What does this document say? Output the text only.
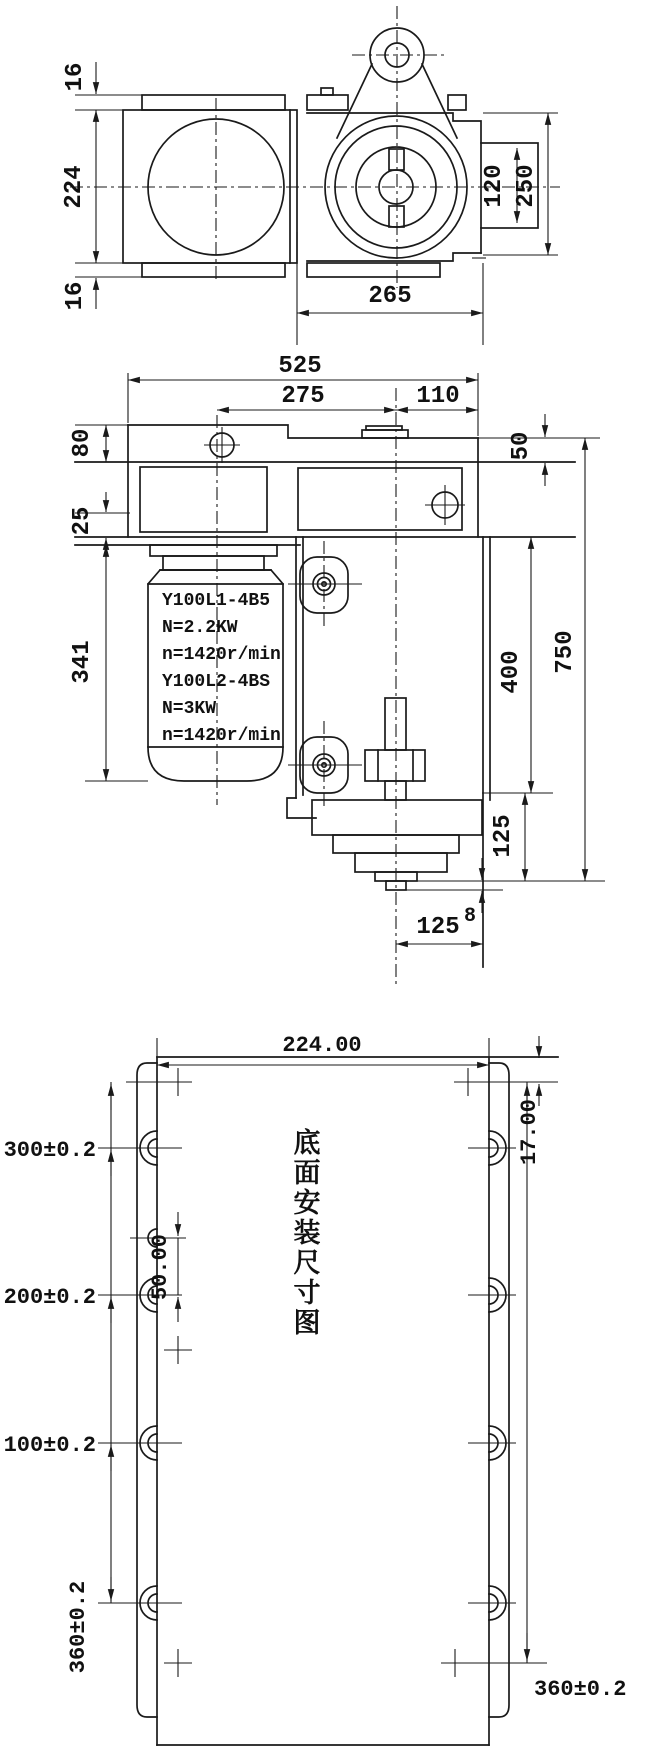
16
224
16
120 250
265
Y100L1-4B5
N=2.2KW
n=1420r/min
Y100L2-4BS
N=3KW
n=1420r/min
525
275	110
80
25
341
50
750
400
125
8
125
300±0.2
200±0.2
100±0.2
360±0.2
50.00
360±0.2
224.00
17.00
底面安装尺寸图
